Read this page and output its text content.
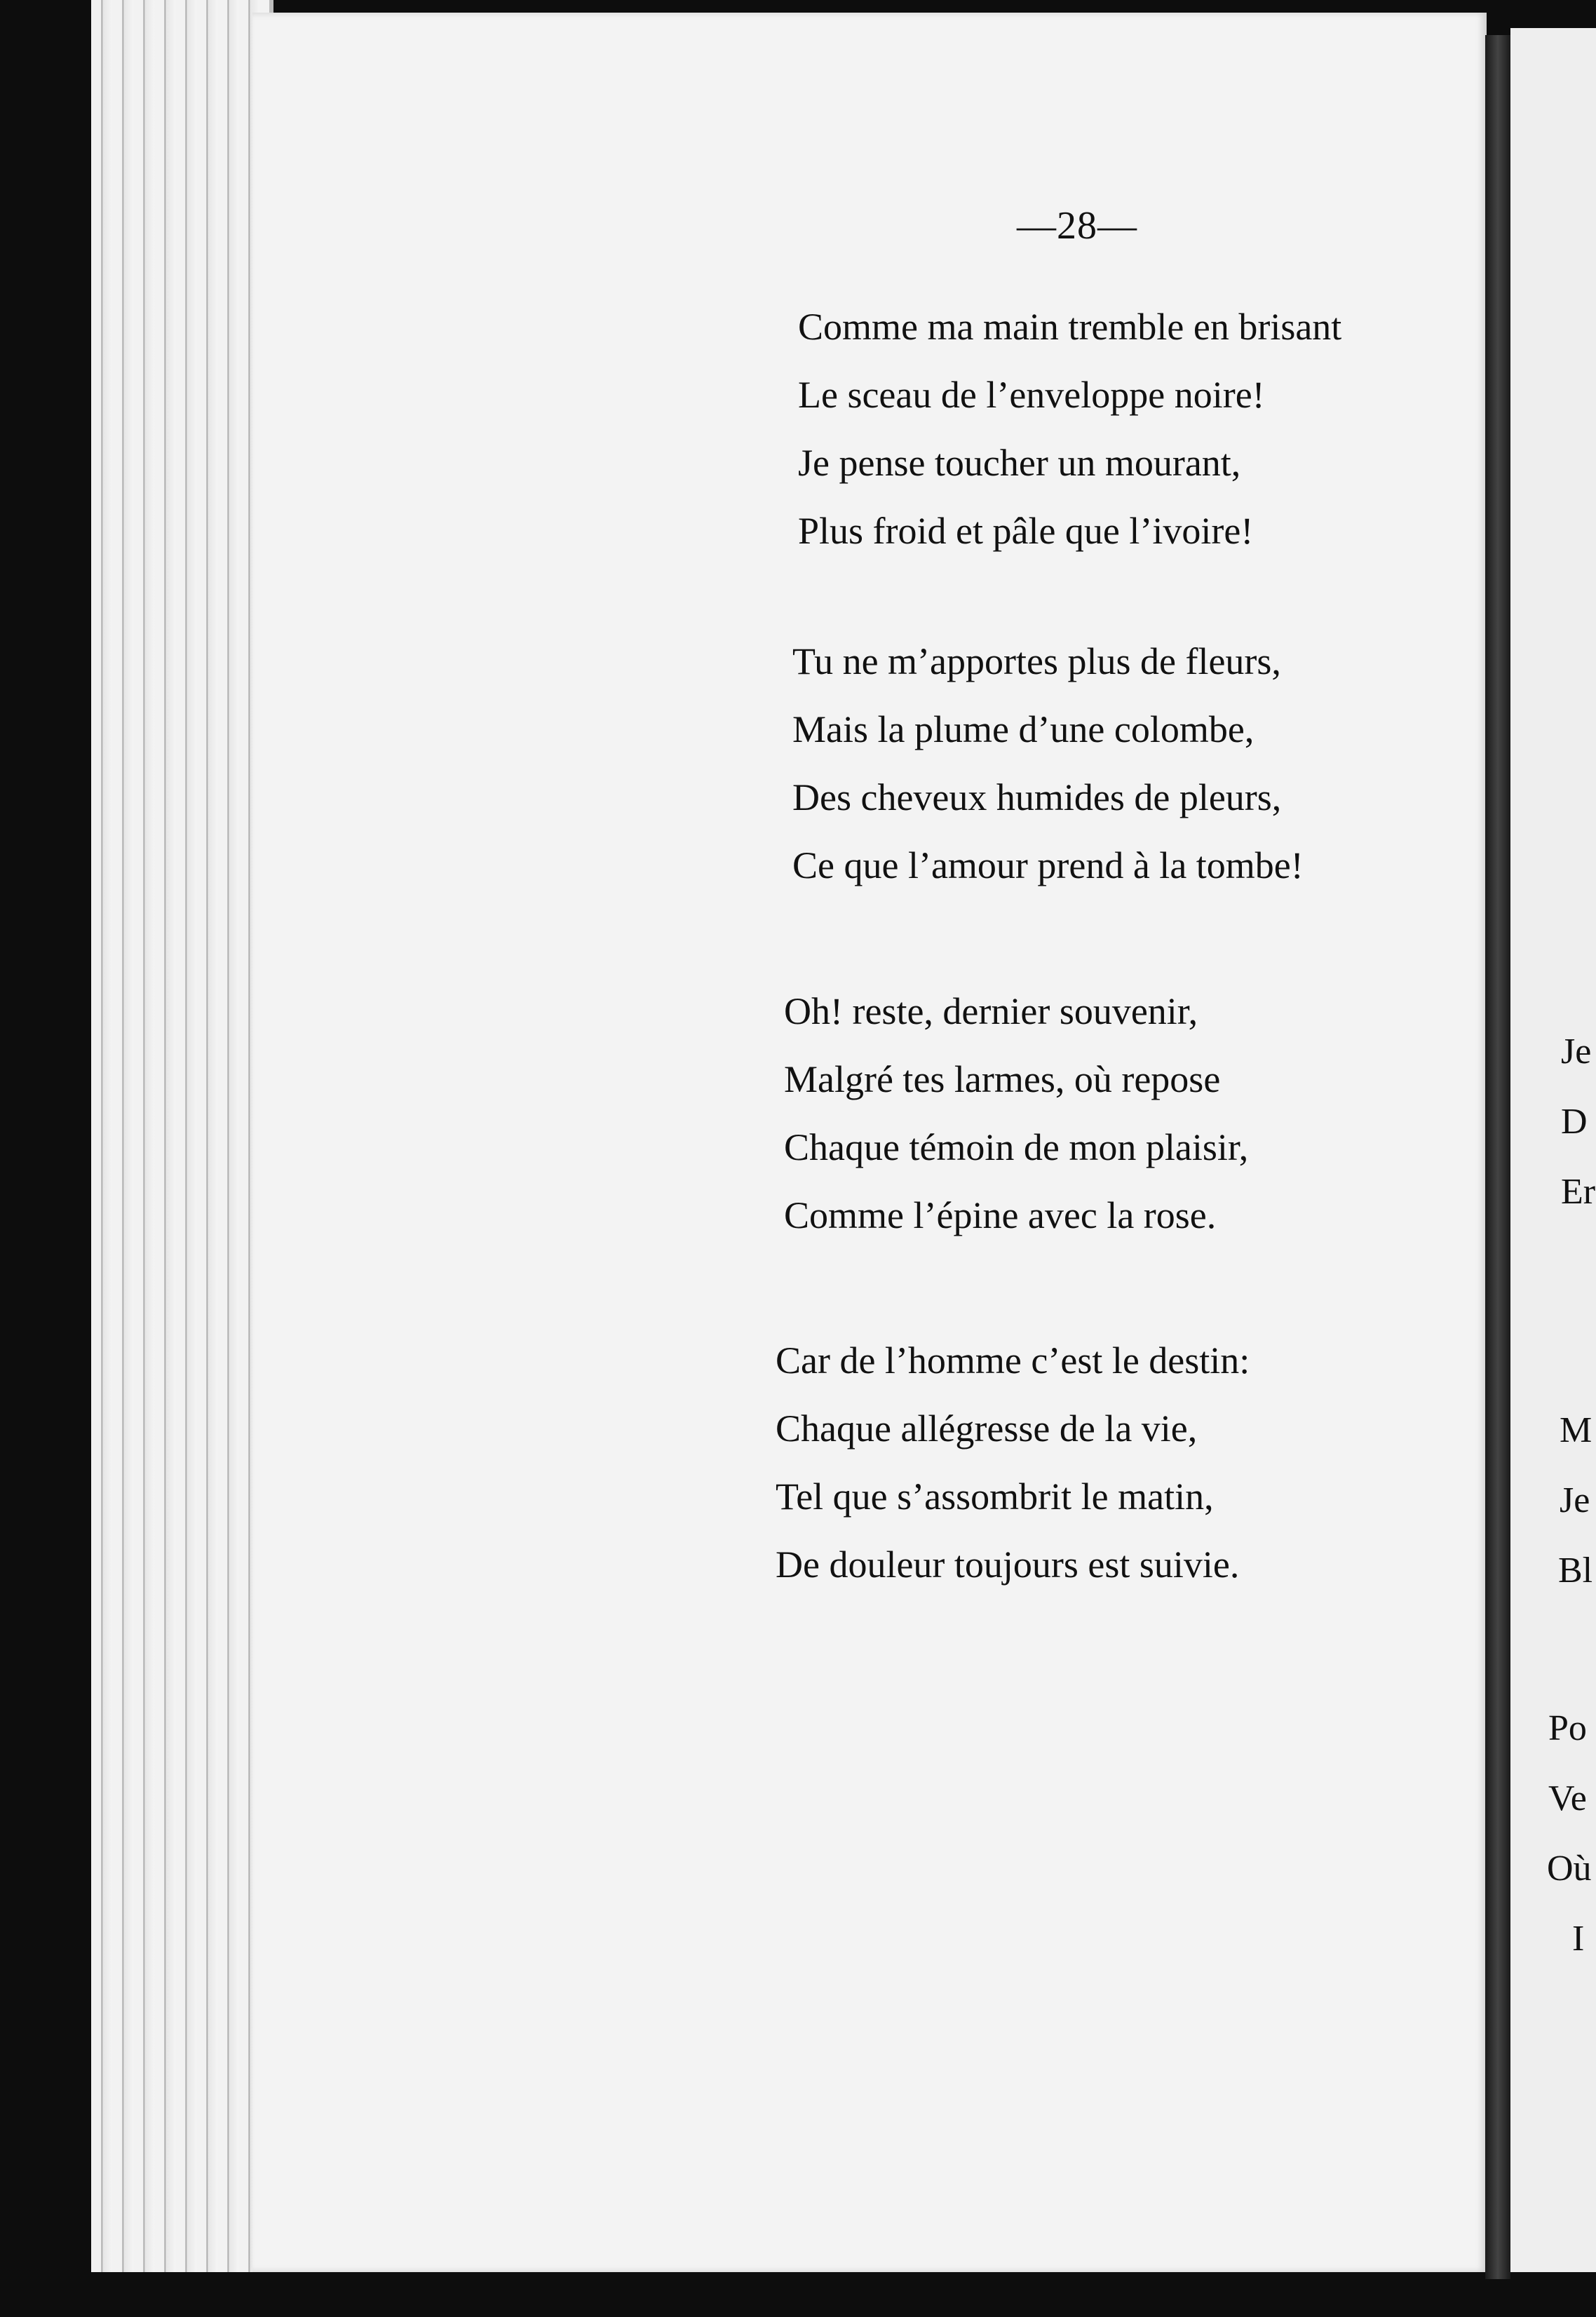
—28—
Comme ma main tremble en brisant
Le sceau de l’enveloppe noire!
Je pense toucher un mourant,
Plus froid et pâle que l’ivoire!
Tu ne m’apportes plus de fleurs,
Mais la plume d’une colombe,
Des cheveux humides de pleurs,
Ce que l’amour prend à la tombe!
Oh! reste, dernier souvenir,
Malgré tes larmes, où repose
Chaque témoin de mon plaisir,
Comme l’épine avec la rose.
Car de l’homme c’est le destin:
Chaque allégresse de la vie,
Tel que s’assombrit le matin,
De douleur toujours est suivie.
Je
D
Er
M
Je
Bl
Po
Ve
Où
I
